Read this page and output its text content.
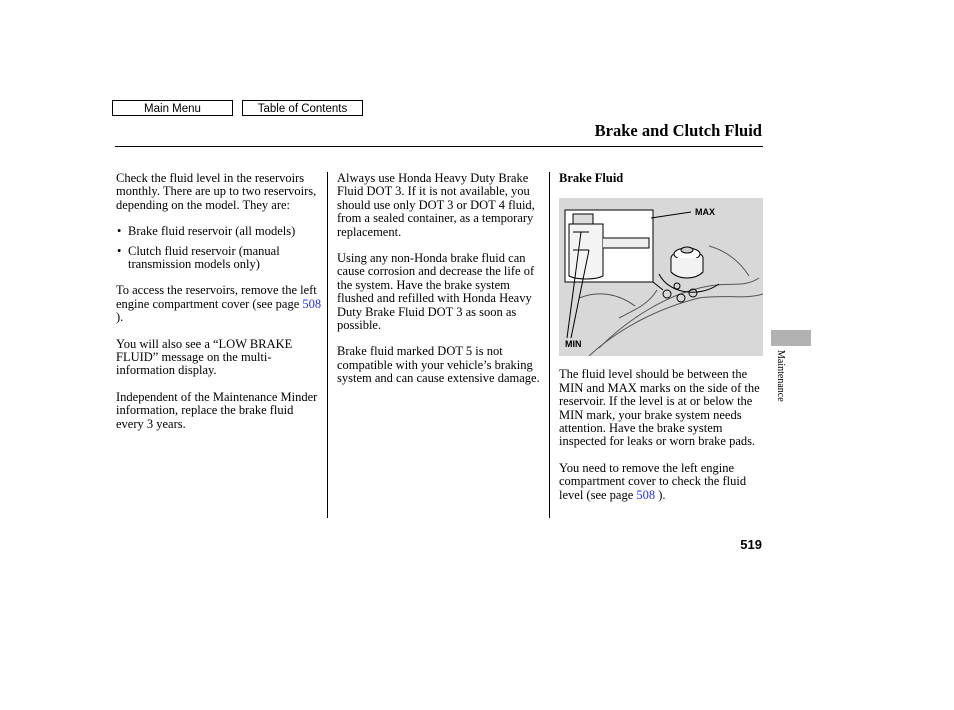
Main Menu	Table of Contents
Brake and Clutch Fluid

Check the fluid level in the reservoirs monthly. There are up to two reservoirs, depending on the model. They are:

• Brake fluid reservoir (all models)
• Clutch fluid reservoir (manual transmission models only)

To access the reservoirs, remove the left engine compartment cover (see page 508 ).

You will also see a “LOW BRAKE FLUID” message on the multi-information display.

Independent of the Maintenance Minder information, replace the brake fluid every 3 years.

Always use Honda Heavy Duty Brake Fluid DOT 3. If it is not available, you should use only DOT 3 or DOT 4 fluid, from a sealed container, as a temporary replacement.

Using any non-Honda brake fluid can cause corrosion and decrease the life of the system. Have the brake system flushed and refilled with Honda Heavy Duty Brake Fluid DOT 3 as soon as possible.

Brake fluid marked DOT 5 is not compatible with your vehicle’s braking system and can cause extensive damage.

Brake Fluid

MAX
MIN

The fluid level should be between the MIN and MAX marks on the side of the reservoir. If the level is at or below the MIN mark, your brake system needs attention. Have the brake system inspected for leaks or worn brake pads.

You need to remove the left engine compartment cover to check the fluid level (see page 508 ).

519
Maintenance
